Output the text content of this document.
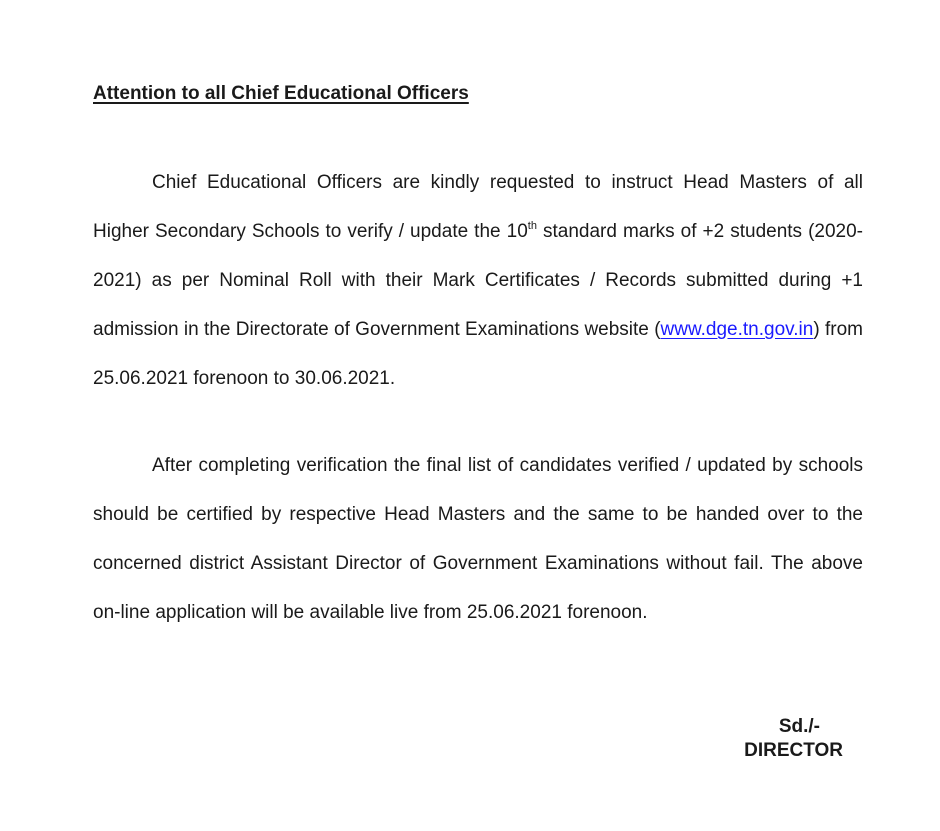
Attention to all Chief Educational Officers

Chief Educational Officers are kindly requested to instruct Head Masters of all Higher Secondary Schools to verify / update the 10th standard marks of +2 students (2020-2021) as per Nominal Roll with their Mark Certificates / Records submitted during +1 admission in the Directorate of Government Examinations website (www.dge.tn.gov.in) from 25.06.2021 forenoon to 30.06.2021.

After completing verification the final list of candidates verified / updated by schools should be certified by respective Head Masters and the same to be handed over to the concerned district Assistant Director of Government Examinations without fail. The above on-line application will be available live from 25.06.2021 forenoon.

Sd./-
DIRECTOR
